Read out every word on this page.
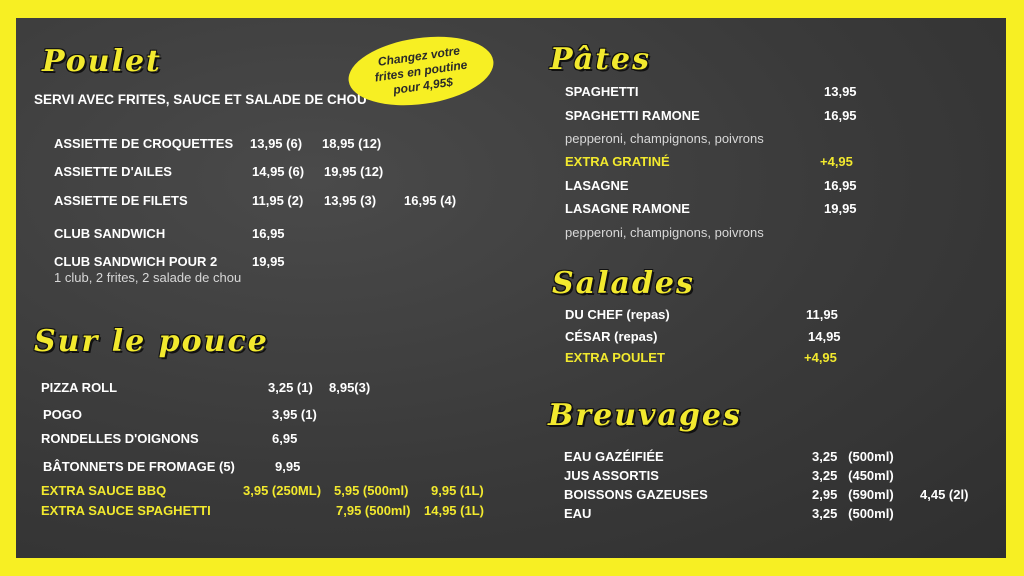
Poulet
SERVI AVEC FRITES, SAUCE ET SALADE DE CHOU
ASSIETTE DE CROQUETTES 13,95 (6) 18,95 (12)
ASSIETTE D'AILES	14,95 (6) 19,95 (12)
ASSIETTE DE FILETS	11,95 (2) 13,95 (3) 16,95 (4)
CLUB SANDWICH	16,95
CLUB SANDWICH POUR 2	19,95
1 club, 2 frites, 2 salade de chou
Changez votre frites en poutine pour 4,95$
Sur le pouce
PIZZA ROLL	3,25 (1) 8,95(3)
POGO	3,95 (1)
RONDELLES D'OIGNONS	6,95
BÂTONNETS DE FROMAGE (5)	9,95
EXTRA SAUCE BBQ	3,95 (250ML) 5,95 (500ml) 9,95 (1L)
EXTRA SAUCE SPAGHETTI	7,95 (500ml) 14,95 (1L)
Pâtes
SPAGHETTI	13,95
SPAGHETTI RAMONE	16,95
pepperoni, champignons, poivrons
EXTRA GRATINÉ	+4,95
LASAGNE	16,95
LASAGNE RAMONE	19,95
pepperoni, champignons, poivrons
Salades
DU CHEF (repas)	11,95
CÉSAR (repas)	14,95
EXTRA POULET	+4,95
Breuvages
EAU GAZÉIFIÉE	3,25   (500ml)
JUS ASSORTIS	3,25   (450ml)
BOISSONS GAZEUSES	2,95   (590ml) 4,45 (2l)
EAU	3,25   (500ml)
